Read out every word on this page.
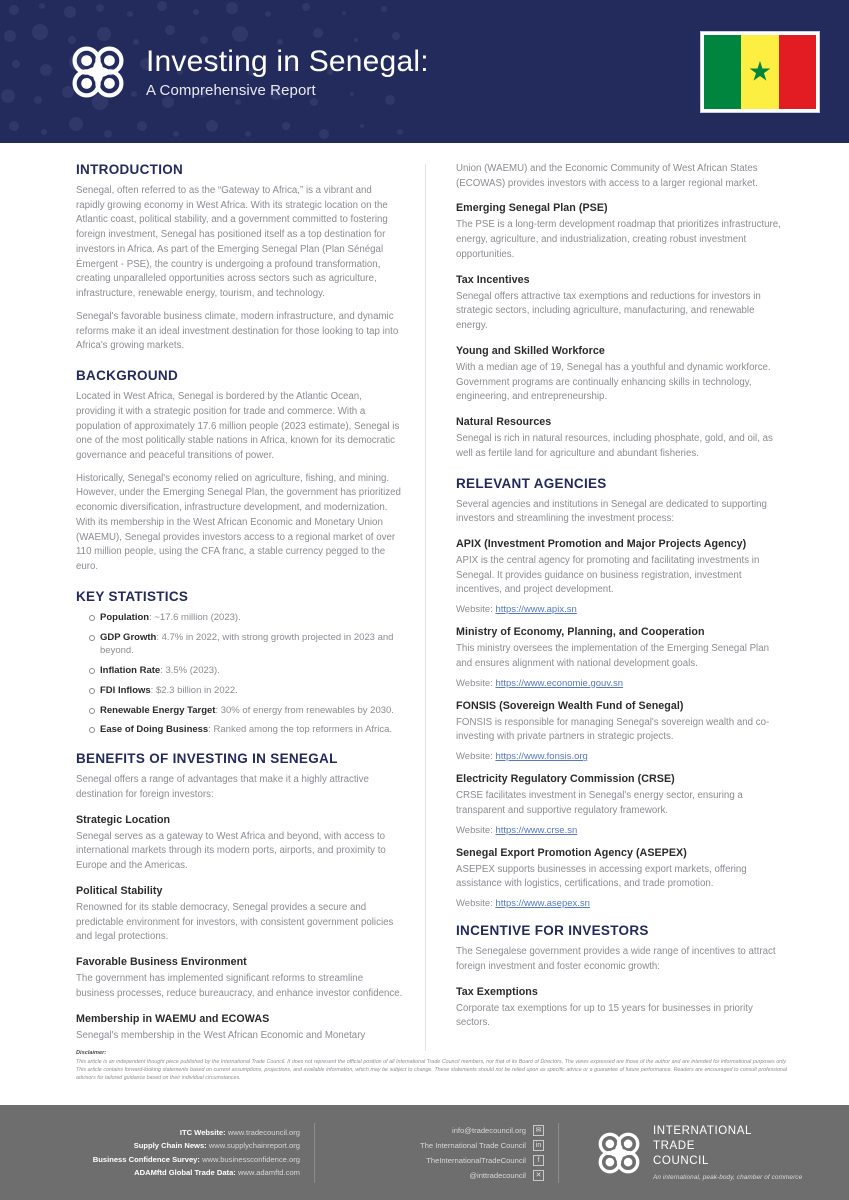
Investing in Senegal:
A Comprehensive Report
★
INTRODUCTION

Senegal, often referred to as the “Gateway to Africa,” is a vibrant and rapidly growing economy in West Africa. With its strategic location on the Atlantic coast, political stability, and a government committed to fostering foreign investment, Senegal has positioned itself as a top destination for investors in Africa. As part of the Emerging Senegal Plan (Plan Sénégal Émergent - PSE), the country is undergoing a profound transformation, creating unparalleled opportunities across sectors such as agriculture, infrastructure, renewable energy, tourism, and technology.

Senegal's favorable business climate, modern infrastructure, and dynamic reforms make it an ideal investment destination for those looking to tap into Africa's growing markets.

BACKGROUND

Located in West Africa, Senegal is bordered by the Atlantic Ocean, providing it with a strategic position for trade and commerce. With a population of approximately 17.6 million people (2023 estimate), Senegal is one of the most politically stable nations in Africa, known for its democratic governance and peaceful transitions of power.

Historically, Senegal's economy relied on agriculture, fishing, and mining. However, under the Emerging Senegal Plan, the government has prioritized economic diversification, infrastructure development, and modernization. With its membership in the West African Economic and Monetary Union (WAEMU), Senegal provides investors access to a regional market of over 110 million people, using the CFA franc, a stable currency pegged to the euro.

KEY STATISTICS
Population: ~17.6 million (2023).
GDP Growth: 4.7% in 2022, with strong growth projected in 2023 and beyond.
Inflation Rate: 3.5% (2023).
FDI Inflows: $2.3 billion in 2022.
Renewable Energy Target: 30% of energy from renewables by 2030.
Ease of Doing Business: Ranked among the top reformers in Africa.
BENEFITS OF INVESTING IN SENEGAL

Senegal offers a range of advantages that make it a highly attractive destination for foreign investors:

Strategic Location

Senegal serves as a gateway to West Africa and beyond, with access to international markets through its modern ports, airports, and proximity to Europe and the Americas.

Political Stability

Renowned for its stable democracy, Senegal provides a secure and predictable environment for investors, with consistent government policies and legal protections.

Favorable Business Environment

The government has implemented significant reforms to streamline business processes, reduce bureaucracy, and enhance investor confidence.

Membership in WAEMU and ECOWAS

Senegal's membership in the West African Economic and Monetary

Union (WAEMU) and the Economic Community of West African States (ECOWAS) provides investors with access to a larger regional market.

Emerging Senegal Plan (PSE)

The PSE is a long-term development roadmap that prioritizes infrastructure, energy, agriculture, and industrialization, creating robust investment opportunities.

Tax Incentives

Senegal offers attractive tax exemptions and reductions for investors in strategic sectors, including agriculture, manufacturing, and renewable energy.

Young and Skilled Workforce

With a median age of 19, Senegal has a youthful and dynamic workforce. Government programs are continually enhancing skills in technology, engineering, and entrepreneurship.

Natural Resources

Senegal is rich in natural resources, including phosphate, gold, and oil, as well as fertile land for agriculture and abundant fisheries.

RELEVANT AGENCIES

Several agencies and institutions in Senegal are dedicated to supporting investors and streamlining the investment process:

APIX (Investment Promotion and Major Projects Agency)

APIX is the central agency for promoting and facilitating investments in Senegal. It provides guidance on business registration, investment incentives, and project development.

Website: https://www.apix.sn

Ministry of Economy, Planning, and Cooperation

This ministry oversees the implementation of the Emerging Senegal Plan and ensures alignment with national development goals.

Website: https://www.economie.gouv.sn

FONSIS (Sovereign Wealth Fund of Senegal)

FONSIS is responsible for managing Senegal's sovereign wealth and co-investing with private partners in strategic projects.

Website: https://www.fonsis.org

Electricity Regulatory Commission (CRSE)

CRSE facilitates investment in Senegal's energy sector, ensuring a transparent and supportive regulatory framework.

Website: https://www.crse.sn

Senegal Export Promotion Agency (ASEPEX)

ASEPEX supports businesses in accessing export markets, offering assistance with logistics, certifications, and trade promotion.

Website: https://www.asepex.sn

INCENTIVE FOR INVESTORS

The Senegalese government provides a wide range of incentives to attract foreign investment and foster economic growth:

Tax Exemptions

Corporate tax exemptions for up to 15 years for businesses in priority sectors.

Disclaimer:
This article is an independent thought piece published by the International Trade Council. It does not represent the official position of all International Trade Council members, nor that of its Board of Directors. The views expressed are those of the author and are intended for informational purposes only. This article contains forward-looking statements based on current assumptions, projections, and available information, which may be subject to change. These statements should not be relied upon as specific advice or a guarantee of future performance. Readers are encouraged to consult professional advisors for tailored guidance based on their individual circumstances.
ITC Website: www.tradecouncil.org
Supply Chain News: www.supplychainreport.org
Business Confidence Survey: www.businessconfidence.org
ADAMftd Global Trade Data: www.adamftd.com
info@tradecouncil.org	✉
The International Trade Council	in
TheInternationalTradeCouncil	f
@inttradecouncil	✕
INTERNATIONAL
TRADE
COUNCIL
An international, peak-body, chamber of commerce
